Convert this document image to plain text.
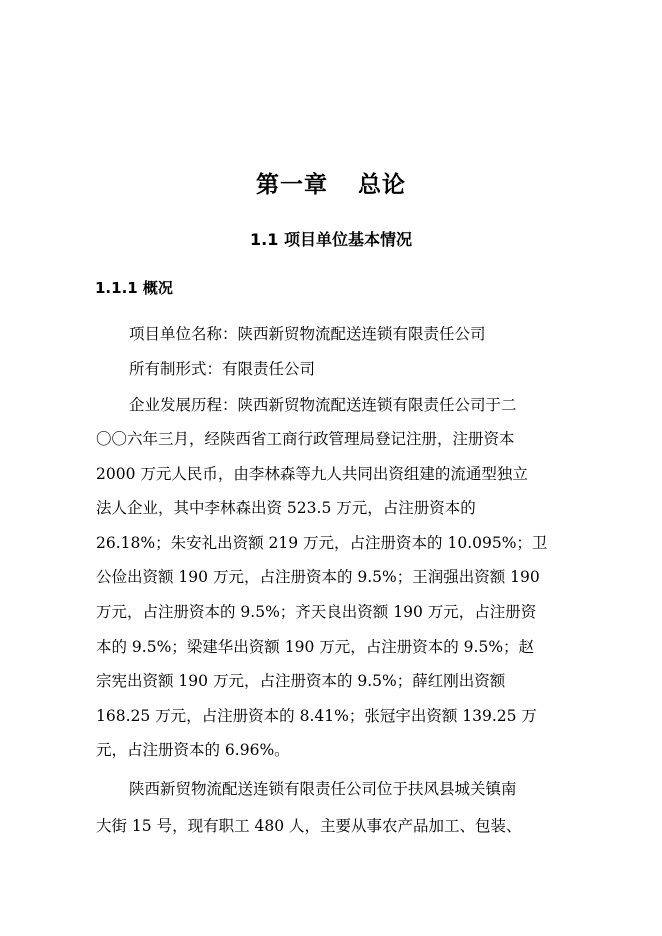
第一章 总论
1.1 项目单位基本情况
1.1.1 概况
项目单位名称：陕西新贸物流配送连锁有限责任公司
所有制形式：有限责任公司
企业发展历程：陕西新贸物流配送连锁有限责任公司于二
〇〇六年三月，经陕西省工商行政管理局登记注册，注册资本
2000 万元人民币，由李林森等九人共同出资组建的流通型独立
法人企业，其中李林森出资 523.5 万元，占注册资本的
26.18%；朱安礼出资额 219 万元，占注册资本的 10.095%；卫
公俭出资额 190 万元，占注册资本的 9.5%；王润强出资额 190
万元，占注册资本的 9.5%；齐天良出资额 190 万元，占注册资
本的 9.5%；梁建华出资额 190 万元，占注册资本的 9.5%；赵
宗宪出资额 190 万元，占注册资本的 9.5%；薛红刚出资额
168.25 万元，占注册资本的 8.41%；张冠宇出资额 139.25 万
元，占注册资本的 6.96%。
陕西新贸物流配送连锁有限责任公司位于扶风县城关镇南
大街 15 号，现有职工 480 人，主要从事农产品加工、包装、
